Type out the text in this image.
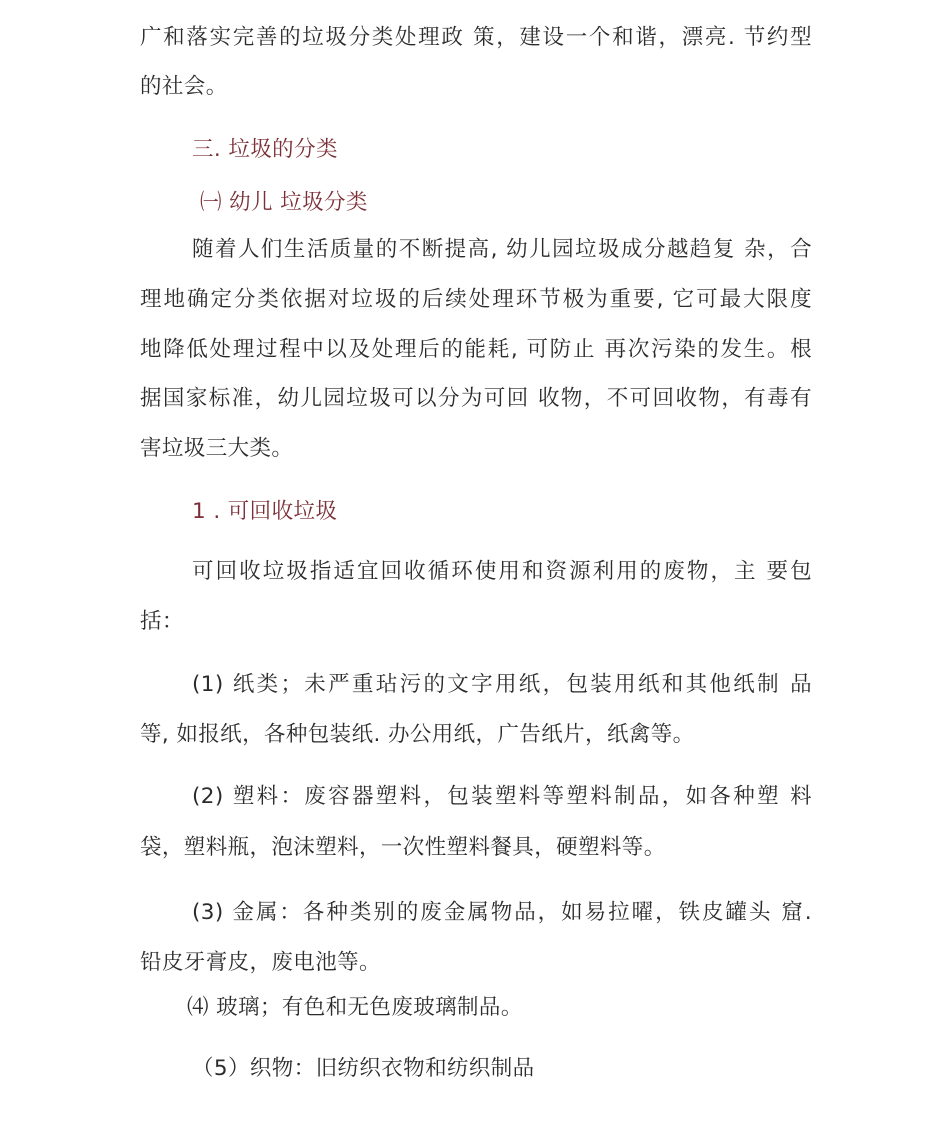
广和落实完善的垃圾分类处理政 策，建设一个和谐，漂亮. 节约型
的社会。
三. 垃圾的分类
㈠ 幼儿 垃圾分类
随着人们生活质量的不断提高, 幼儿园垃圾成分越趋复 杂，合
理地确定分类依据对垃圾的后续处理环节极为重要, 它可最大限度
地降低处理过程中以及处理后的能耗, 可防止 再次污染的发生。根
据国家标准，幼儿园垃圾可以分为可回 收物，不可回收物，有毒有
害垃圾三大类。
1 . 可回收垃圾
可回收垃圾指适宜回收循环使用和资源利用的废物，主 要包
括：
(1) 纸类；未严重玷污的文字用纸，包装用纸和其他纸制 品
等, 如报纸，各种包装纸. 办公用纸，广告纸片，纸禽等。
(2) 塑料：废容器塑料，包装塑料等塑料制品，如各种塑 料
袋，塑料瓶，泡沫塑料，一次性塑料餐具，硬塑料等。
(3) 金属：各种类别的废金属物品，如易拉曜，铁皮罐头 窟.
铅皮牙膏皮，废电池等。
⑷ 玻璃；有色和无色废玻璃制品。
（5）织物：旧纺织衣物和纺织制品
